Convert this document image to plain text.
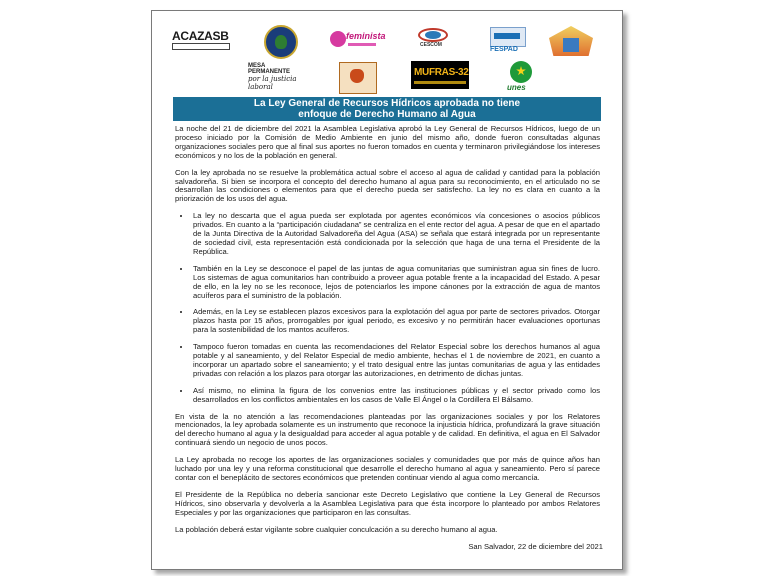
ACAZASB	feminista
CESCOM
FESPAD
MESA PERMANENTE
por la justicia laboral
MUFRAS-32
unes
La Ley General de Recursos Hídricos aprobada no tiene
enfoque de Derecho Humano al Agua

La noche del 21 de diciembre del 2021 la Asamblea Legislativa aprobó la Ley General de Recursos Hídricos, luego de un proceso iniciado por la Comisión de Medio Ambiente en junio del mismo año, donde fueron consultadas algunas organizaciones sociales pero que al final sus aportes no fueron tomados en cuenta y terminaron privilegiándose los intereses económicos y no los de la población en general.

Con la ley aprobada no se resuelve la problemática actual sobre el acceso al agua de calidad y cantidad para la población salvadoreña. Si bien se incorpora el concepto del derecho humano al agua para su reconocimiento, en el articulado no se desarrollan las condiciones o elementos para que el derecho pueda ser satisfecho. La ley no es clara en cuanto a la priorización de los usos del agua.

• La ley no descarta que el agua pueda ser explotada por agentes económicos vía concesiones o asocios públicos privados. En cuanto a la “participación ciudadana” se centraliza en el ente rector del agua. A pesar de que en el apartado de la Junta Directiva de la Autoridad Salvadoreña del Agua (ASA) se señala que estará integrada por un representante de sociedad civil, esta representación está condicionada por la selección que haga de una terna el Presidente de la República.
• También en la Ley se desconoce el papel de las juntas de agua comunitarias que suministran agua sin fines de lucro. Los sistemas de agua comunitarios han contribuido a proveer agua potable frente a la incapacidad del Estado. A pesar de ello, en la ley no se les reconoce, lejos de potenciarlos les impone cánones por la extracción de agua de mantos acuíferos para el suministro de la población.
• Además, en la Ley se establecen plazos excesivos para la explotación del agua por parte de sectores privados. Otorgar plazos hasta por 15 años, prorrogables por igual periodo, es excesivo y no permitirán hacer evaluaciones oportunas para la sostenibilidad de los mantos acuíferos.
• Tampoco fueron tomadas en cuenta las recomendaciones del Relator Especial sobre los derechos humanos al agua potable y al saneamiento, y del Relator Especial de medio ambiente, hechas el 1 de noviembre de 2021, en cuanto a incorporar un apartado sobre el saneamiento; y el trato desigual entre las juntas comunitarias de agua y las entidades privadas con relación a los plazos para otorgar las autorizaciones, en detrimento de dichas juntas.
• Así mismo, no elimina la figura de los convenios entre las instituciones públicas y el sector privado como los desarrollados en los conflictos ambientales en los casos de Valle El Ángel o la Cordillera El Bálsamo.

En vista de la no atención a las recomendaciones planteadas por las organizaciones sociales y por los Relatores mencionados, la ley aprobada solamente es un instrumento que reconoce la injusticia hídrica, profundizará la grave situación del derecho humano al agua y la desigualdad para acceder al agua potable y de calidad. En definitiva, el agua en El Salvador continuará siendo un negocio de unos pocos.

La Ley aprobada no recoge los aportes de las organizaciones sociales y comunidades que por más de quince años han luchado por una ley y una reforma constitucional que desarrolle el derecho humano al agua y saneamiento. Pero sí parece contar con el beneplácito de sectores económicos que pretenden continuar viendo al agua como mercancía.

El Presidente de la República no debería sancionar este Decreto Legislativo que contiene la Ley General de Recursos Hídricos, sino observarla y devolverla a la Asamblea Legislativa para que ésta incorpore lo planteado por ambos Relatores Especiales y por las organizaciones que participaron en las consultas.

La población deberá estar vigilante sobre cualquier conculcación a su derecho humano al agua.

San Salvador, 22 de diciembre del 2021
